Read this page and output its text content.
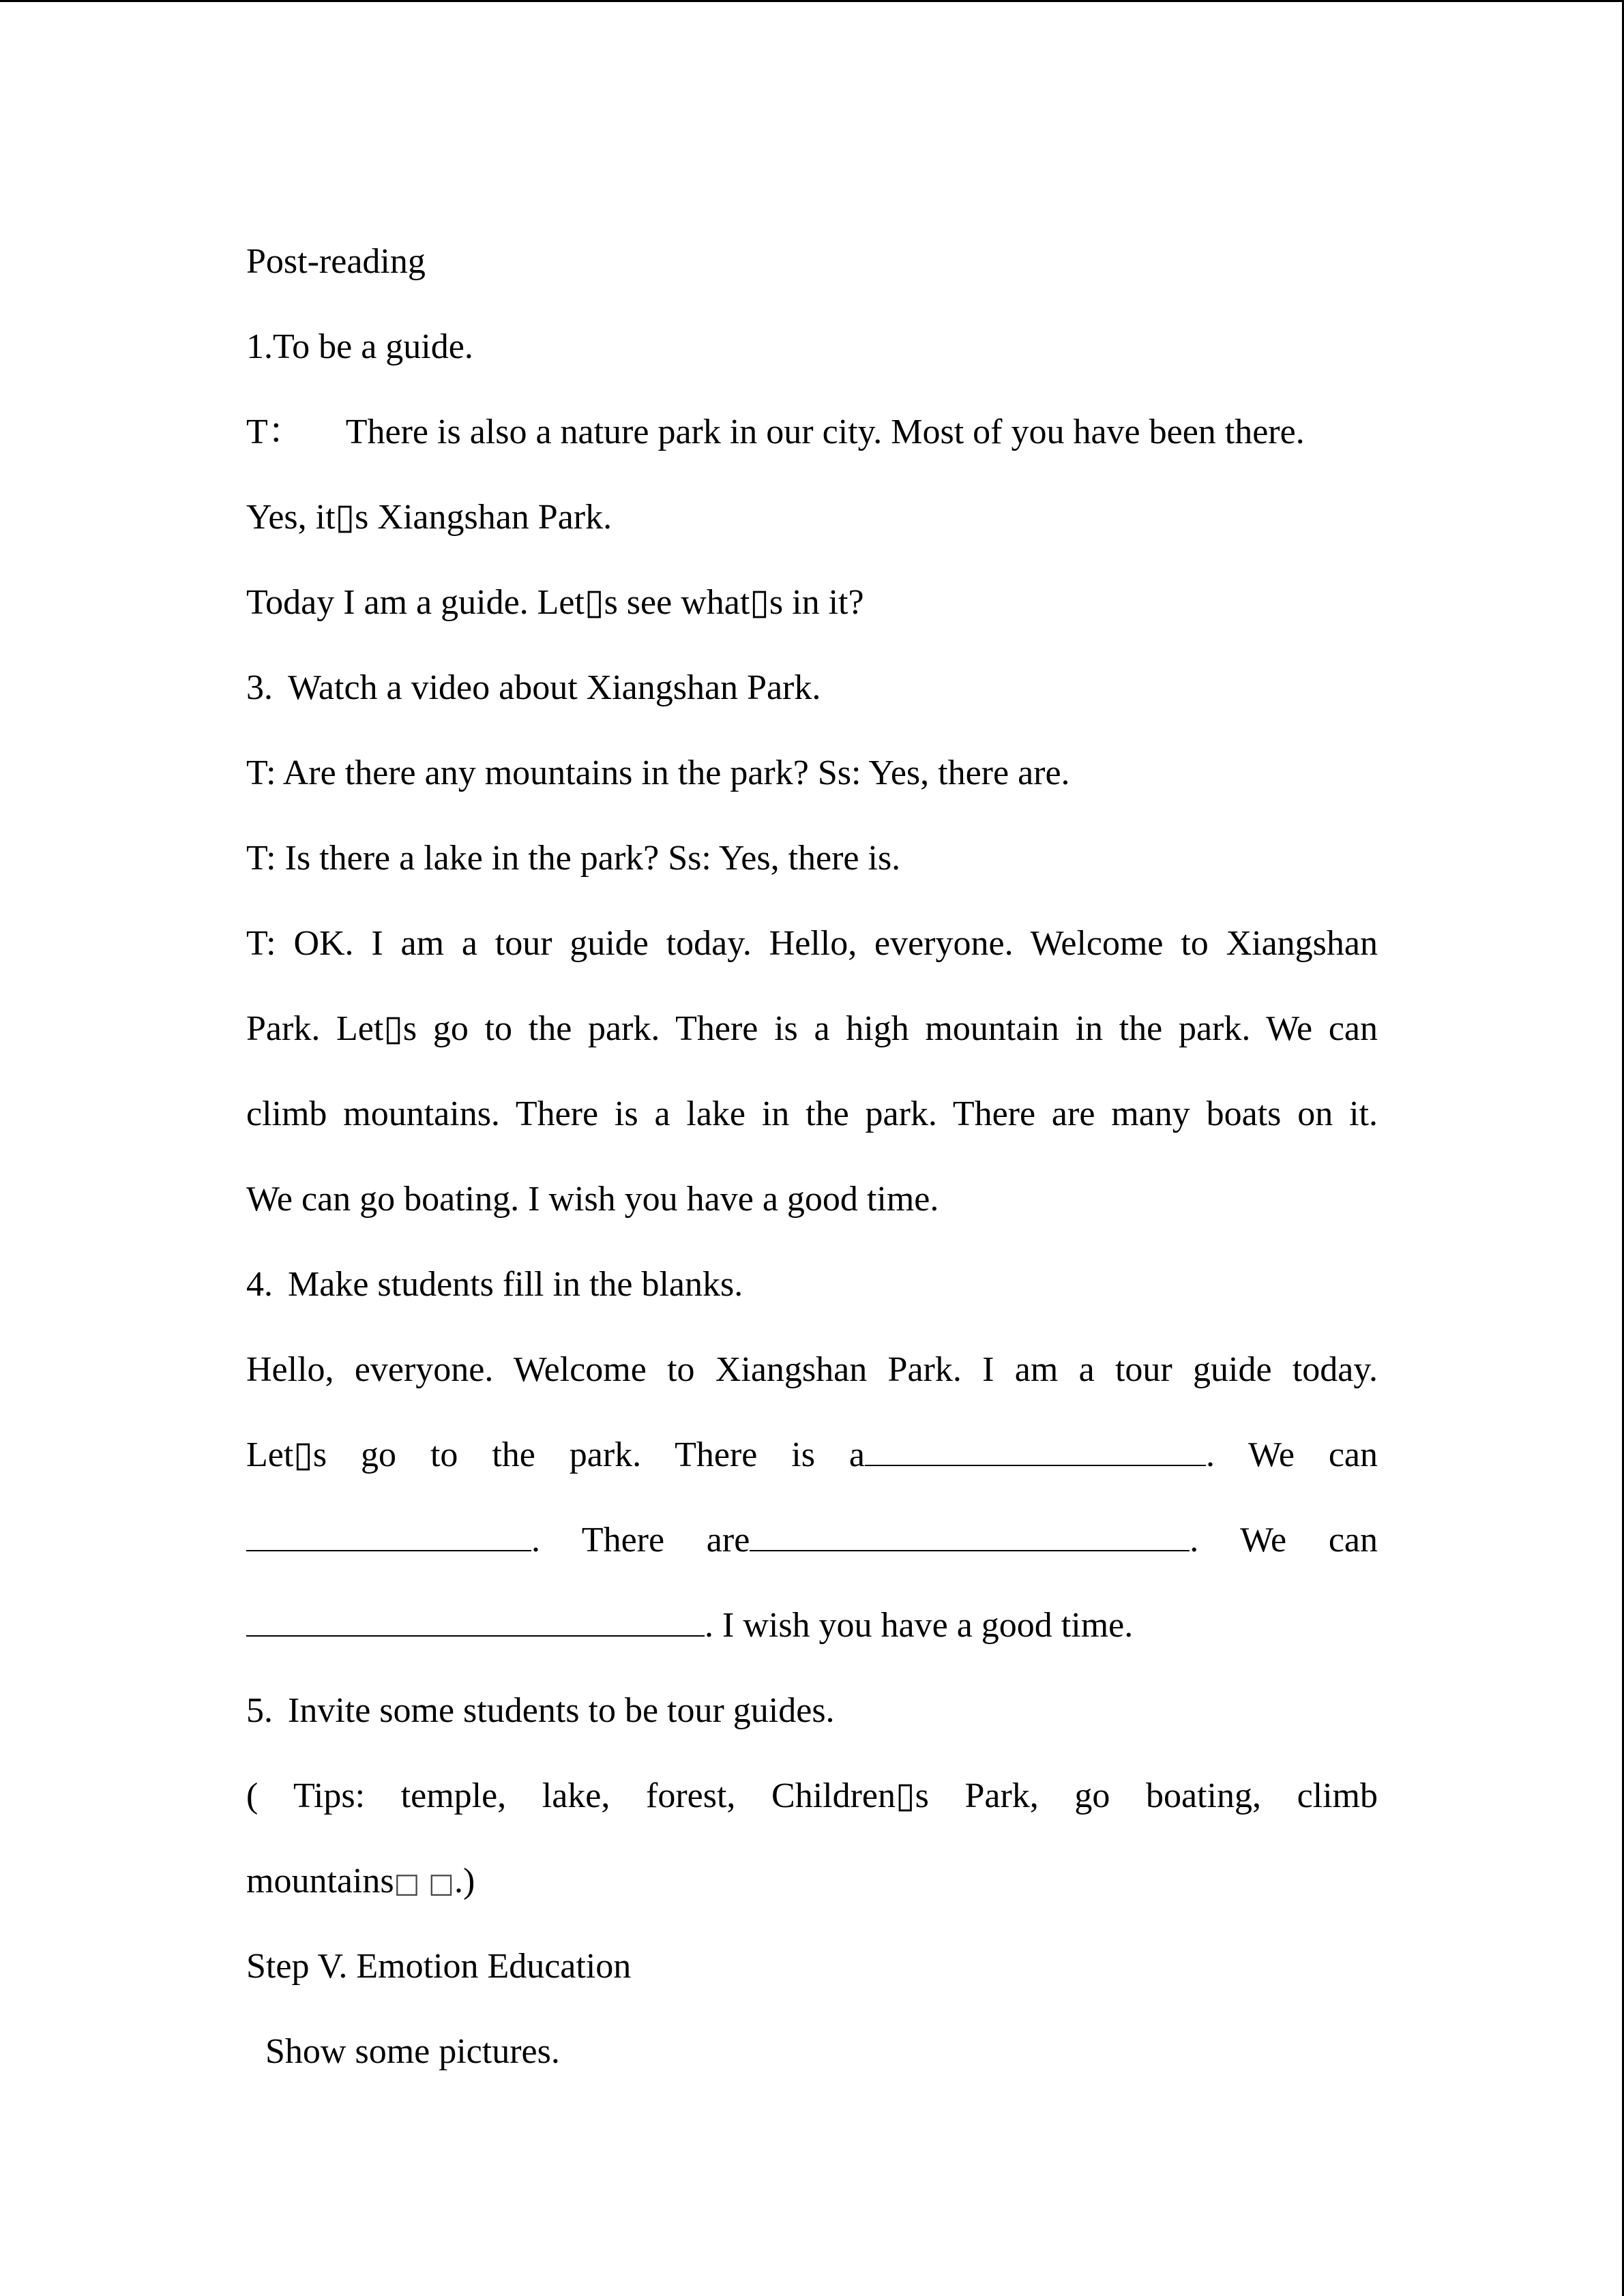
Post-reading
1.To be a guide.
T： There is also a nature park in our city. Most of you have been there.
Yes, it▯s Xiangshan Park.
Today I am a guide. Let▯s see what▯s in it?
3. Watch a video about Xiangshan Park.
T: Are there any mountains in the park? Ss: Yes, there are.
T: Is there a lake in the park? Ss: Yes, there is.
T: OK. I am a tour guide today. Hello, everyone. Welcome to Xiangshan
Park. Let▯s go to the park. There is a high mountain in the park. We can
climb mountains. There is a lake in the park. There are many boats on it.
We can go boating. I wish you have a good time.
4. Make students fill in the blanks.
Hello, everyone. Welcome to Xiangshan Park. I am a tour guide today.
Let▯s go to the park. There is a	. We can
. There are	. We can
. I wish you have a good time.
5. Invite some students to be tour guides.
( Tips: temple, lake, forest, Children▯s Park, go boating, climb
mountains□ □.)
Step V. Emotion Education
Show some pictures.
